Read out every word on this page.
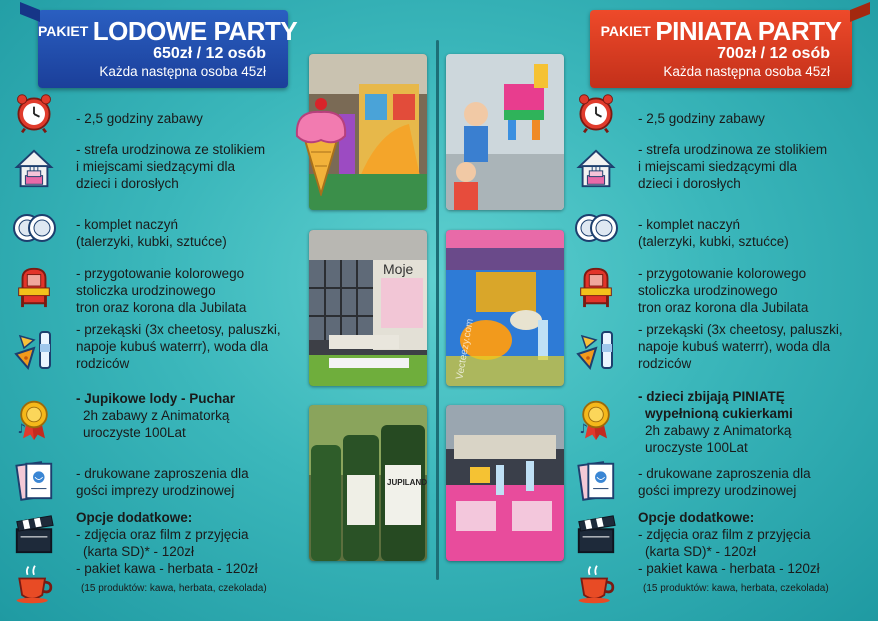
PAKIET LODOWE PARTY
650zł / 12 osób
Każda następna osoba 45zł
PAKIET PINIATA PARTY
700zł / 12 osób
Każda następna osoba 45zł
- 2,5 godziny zabawy
- strefa urodzinowa ze stolikiem
i miejscami siedzącymi dla
dzieci i dorosłych
- komplet naczyń
(talerzyki, kubki, sztućce)
- przygotowanie kolorowego
stoliczka urodzinowego
tron oraz korona dla Jubilata
- przekąski (3x cheetosy, paluszki,
napoje kubuś waterrr), woda dla
rodziców
- Jupikowe lody - Puchar
2h zabawy z Animatorką
uroczyste 100Lat
- drukowane zaproszenia dla
gości imprezy urodzinowej
Opcje dodatkowe:
- zdjęcia oraz film z przyjęcia
(karta SD)* - 120zł
- pakiet kawa - herbata - 120zł
(15 produktów: kawa, herbata, czekolada)
- 2,5 godziny zabawy
- strefa urodzinowa ze stolikiem
i miejscami siedzącymi dla
dzieci i dorosłych
- komplet naczyń
(talerzyki, kubki, sztućce)
- przygotowanie kolorowego
stoliczka urodzinowego
tron oraz korona dla Jubilata
- przekąski (3x cheetosy, paluszki,
napoje kubuś waterrr), woda dla
rodziców
- dzieci zbijają PINIATĘ
wypełnioną cukierkami
2h zabawy z Animatorką
uroczyste 100Lat
- drukowane zaproszenia dla
gości imprezy urodzinowej
Opcje dodatkowe:
- zdjęcia oraz film z przyjęcia
(karta SD)* - 120zł
- pakiet kawa - herbata - 120zł
(15 produktów: kawa, herbata, czekolada)
Moje
JUPILAND
Vecteezy.com
